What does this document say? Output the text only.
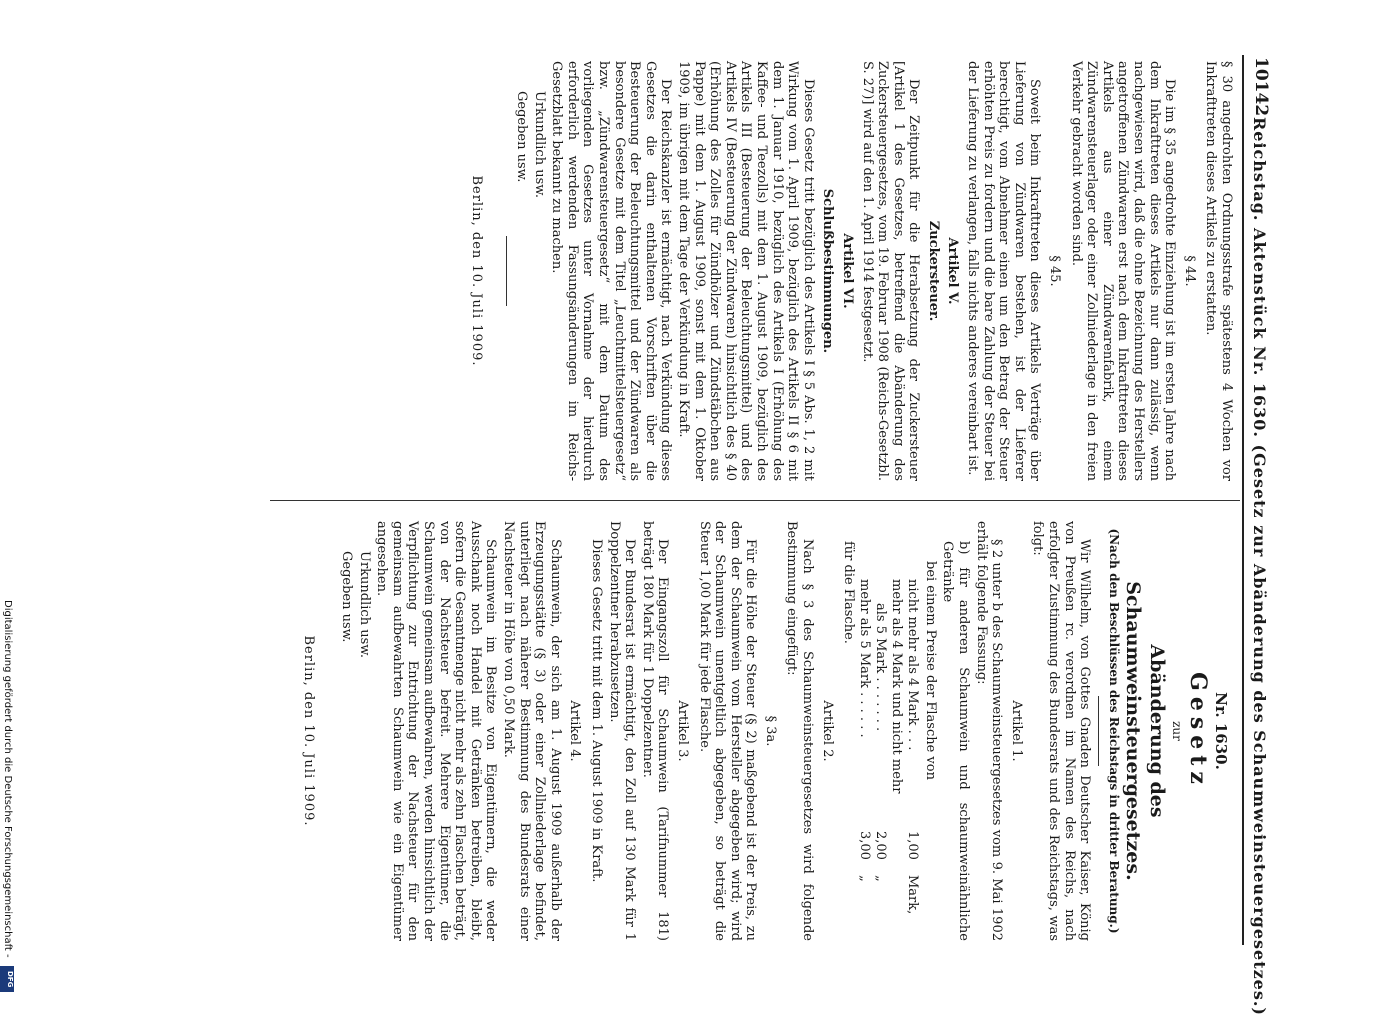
10142
Reichstag. Aktenstück Nr. 1630. (Gesetz zur Abänderung des Schaumweinsteuergesetzes.)

§ 30 angedrohten Ordnungsstrafe spätestens 4 Wochen vor Inkrafttreten dieses Artikels zu erstatten.

§ 44.

Die im § 35 angedrohte Einziehung ist im ersten Jahre nach dem Inkrafttreten dieses Artikels nur dann zulässig, wenn nachgewiesen wird, daß die ohne Bezeichnung des Herstellers angetroffenen Zündwaren erst nach dem Inkrafttreten dieses Artikels aus einer Zündwarenfabrik, einem Zündwarensteuerlager oder einer Zollniederlage in den freien Verkehr gebracht worden sind.

§ 45.

Soweit beim Inkrafttreten dieses Artikels Verträge über Lieferung von Zündwaren bestehen, ist der Lieferer berechtigt, vom Abnehmer einen um den Betrag der Steuer erhöhten Preis zu fordern und die bare Zahlung der Steuer bei der Lieferung zu verlangen, falls nichts anderes vereinbart ist.

Artikel V.
Zuckersteuer.

Der Zeitpunkt für die Herabsetzung der Zuckersteuer [Artikel 1 des Gesetzes, betreffend die Abänderung des Zuckersteuergesetzes, vom 19. Februar 1908 (Reichs-Gesetzbl. S. 27)] wird auf den 1. April 1914 festgesetzt.

Artikel VI.
Schlußbestimmungen.

Dieses Gesetz tritt bezüglich des Artikels I § 5 Abs. 1, 2 mit Wirkung vom 1. April 1909, bezüglich des Artikels II § 6 mit dem 1. Januar 1910, bezüglich des Artikels I (Erhöhung des Kaffee- und Teezolls) mit dem 1. August 1909, bezüglich des Artikels III (Besteuerung der Beleuchtungsmittel) und des Artikels IV (Besteuerung der Zündwaren) hinsichtlich des § 40 (Erhöhung des Zolles für Zündhölzer und Zündstäbchen aus Pappe) mit dem 1. August 1909, sonst mit dem 1. Oktober 1909, im übrigen mit dem Tage der Verkündung in Kraft.

Der Reichskanzler ist ermächtigt, nach Verkündung dieses Gesetzes die darin enthaltenen Vorschriften über die Besteuerung der Beleuchtungsmittel und der Zündwaren als besondere Gesetze mit dem Titel „Leuchtmittelsteuergesetz“ bzw. „Zündwarensteuergesetz“ mit dem Datum des vorliegenden Gesetzes unter Vornahme der hierdurch erforderlich werdenden Fassungsänderungen im Reichs-Gesetzblatt bekannt zu machen.

Urkundlich usw.

Gegeben usw.

Berlin, den 10. Juli 1909.
Nr. 1630.
Gesetz
zur
Abänderung des Schaumweinsteuergesetzes.
(Nach den Beschlüssen des Reichstags in dritter Beratung.)

Wir Wilhelm, von Gottes Gnaden Deutscher Kaiser, König von Preußen rc. verordnen im Namen des Reichs, nach erfolgter Zustimmung des Bundesrats und des Reichstags, was folgt:

Artikel 1.

§ 2 unter b des Schaumweinsteuergesetzes vom 9. Mai 1902 erhält folgende Fassung:

b) für anderen Schaumwein und schaumweinähnliche Getränke

bei einem Preise der Flasche von

nicht mehr als 4 Mark . . .
1,00
Mark,
mehr als 4 Mark und nicht mehr
als 5 Mark . . . . . . .
2,00
„
mehr als 5 Mark . . . . . .
3,00
„

für die Flasche.

Artikel 2.

Nach § 3 des Schaumweinsteuergesetzes wird folgende Bestimmung eingefügt:

§ 3a.

Für die Höhe der Steuer (§ 2) maßgebend ist der Preis, zu dem der Schaumwein vom Hersteller abgegeben wird; wird der Schaumwein unentgeltlich abgegeben, so beträgt die Steuer 1,00 Mark für jede Flasche.

Artikel 3.

Der Eingangszoll für Schaumwein (Tarifnummer 181) beträgt 180 Mark für 1 Doppelzentner.

Der Bundesrat ist ermächtigt, den Zoll auf 130 Mark für 1 Doppelzentner herabzusetzen.

Dieses Gesetz tritt mit dem 1. August 1909 in Kraft.

Artikel 4.

Schaumwein, der sich am 1. August 1909 außerhalb der Erzeugungsstätte (§ 3) oder einer Zollniederlage befindet, unterliegt nach näherer Bestimmung des Bundesrats einer Nachsteuer in Höhe von 0,50 Mark.

Schaumwein im Besitze von Eigentümern, die weder Ausschank noch Handel mit Getränken betreiben, bleibt, sofern die Gesamtmenge nicht mehr als zehn Flaschen beträgt, von der Nachsteuer befreit. Mehrere Eigentümer, die Schaumwein gemeinsam aufbewahren, werden hinsichtlich der Verpflichtung zur Entrichtung der Nachsteuer für den gemeinsam aufbewahrten Schaumwein wie ein Eigentümer angesehen.

Urkundlich usw.

Gegeben usw.

Berlin, den 10. Juli 1909.
Digitalisierung gefördert durch die Deutsche Forschungsgemeinschaft -
DFG
